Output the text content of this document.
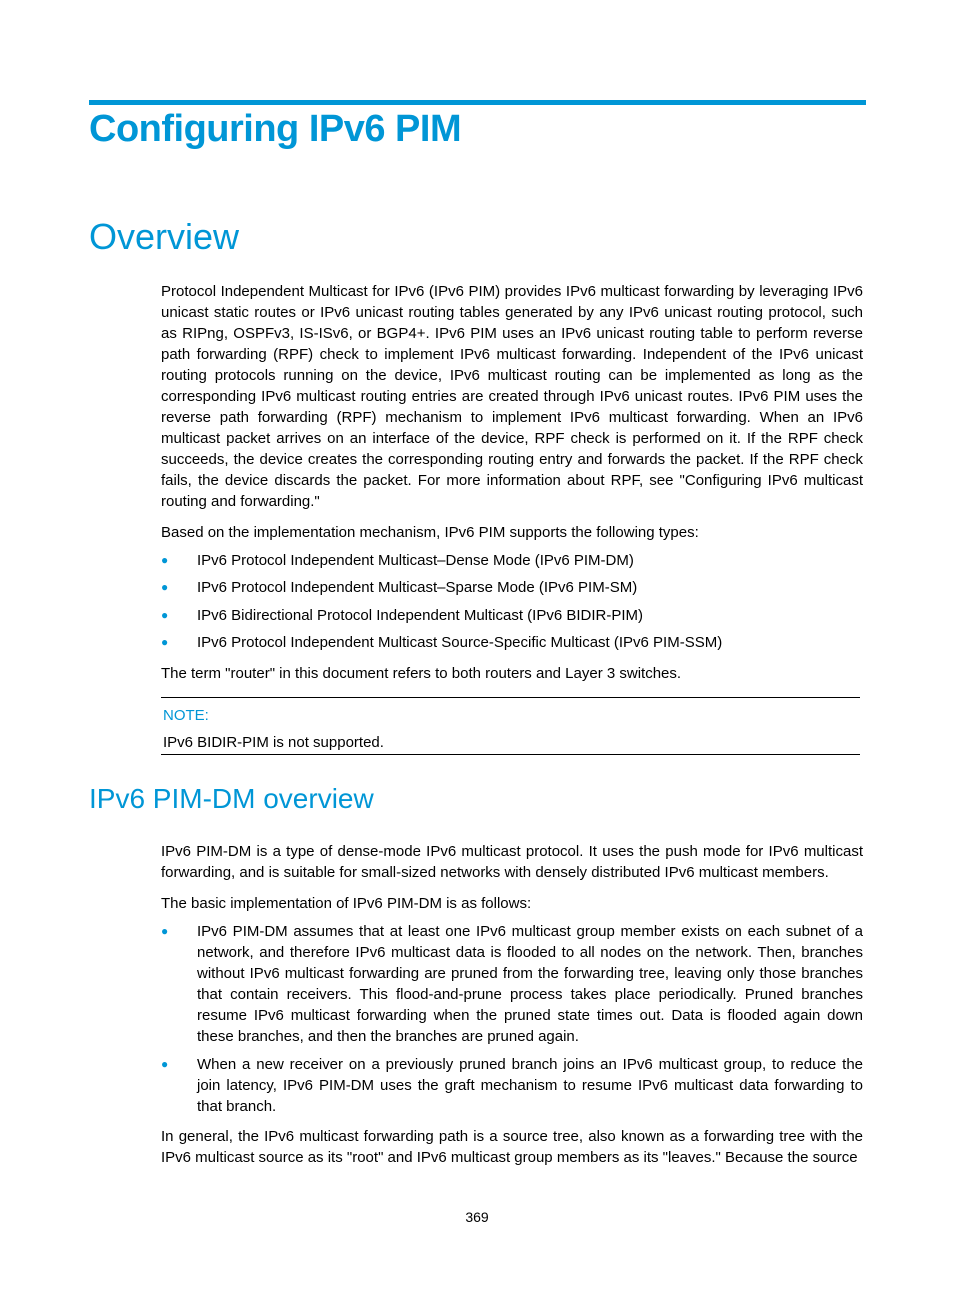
Configuring IPv6 PIM
Overview

Protocol Independent Multicast for IPv6 (IPv6 PIM) provides IPv6 multicast forwarding by leveraging IPv6 unicast static routes or IPv6 unicast routing tables generated by any IPv6 unicast routing protocol, such as RIPng, OSPFv3, IS-ISv6, or BGP4+. IPv6 PIM uses an IPv6 unicast routing table to perform reverse path forwarding (RPF) check to implement IPv6 multicast forwarding. Independent of the IPv6 unicast routing protocols running on the device, IPv6 multicast routing can be implemented as long as the corresponding IPv6 multicast routing entries are created through IPv6 unicast routes. IPv6 PIM uses the reverse path forwarding (RPF) mechanism to implement IPv6 multicast forwarding. When an IPv6 multicast packet arrives on an interface of the device, RPF check is performed on it. If the RPF check succeeds, the device creates the corresponding routing entry and forwards the packet. If the RPF check fails, the device discards the packet. For more information about RPF, see "Configuring IPv6 multicast routing and forwarding."

Based on the implementation mechanism, IPv6 PIM supports the following types:

● IPv6 Protocol Independent Multicast–Dense Mode (IPv6 PIM-DM)

● IPv6 Protocol Independent Multicast–Sparse Mode (IPv6 PIM-SM)

● IPv6 Bidirectional Protocol Independent Multicast (IPv6 BIDIR-PIM)

● IPv6 Protocol Independent Multicast Source-Specific Multicast (IPv6 PIM-SSM)

The term "router" in this document refers to both routers and Layer 3 switches.

NOTE:
IPv6 BIDIR-PIM is not supported.
IPv6 PIM-DM overview

IPv6 PIM-DM is a type of dense-mode IPv6 multicast protocol. It uses the push mode for IPv6 multicast forwarding, and is suitable for small-sized networks with densely distributed IPv6 multicast members.

The basic implementation of IPv6 PIM-DM is as follows:

● IPv6 PIM-DM assumes that at least one IPv6 multicast group member exists on each subnet of a network, and therefore IPv6 multicast data is flooded to all nodes on the network. Then, branches without IPv6 multicast forwarding are pruned from the forwarding tree, leaving only those branches that contain receivers. This flood-and-prune process takes place periodically. Pruned branches resume IPv6 multicast forwarding when the pruned state times out. Data is flooded again down these branches, and then the branches are pruned again.

● When a new receiver on a previously pruned branch joins an IPv6 multicast group, to reduce the join latency, IPv6 PIM-DM uses the graft mechanism to resume IPv6 multicast data forwarding to that branch.

In general, the IPv6 multicast forwarding path is a source tree, also known as a forwarding tree with the IPv6 multicast source as its "root" and IPv6 multicast group members as its "leaves." Because the source

369
